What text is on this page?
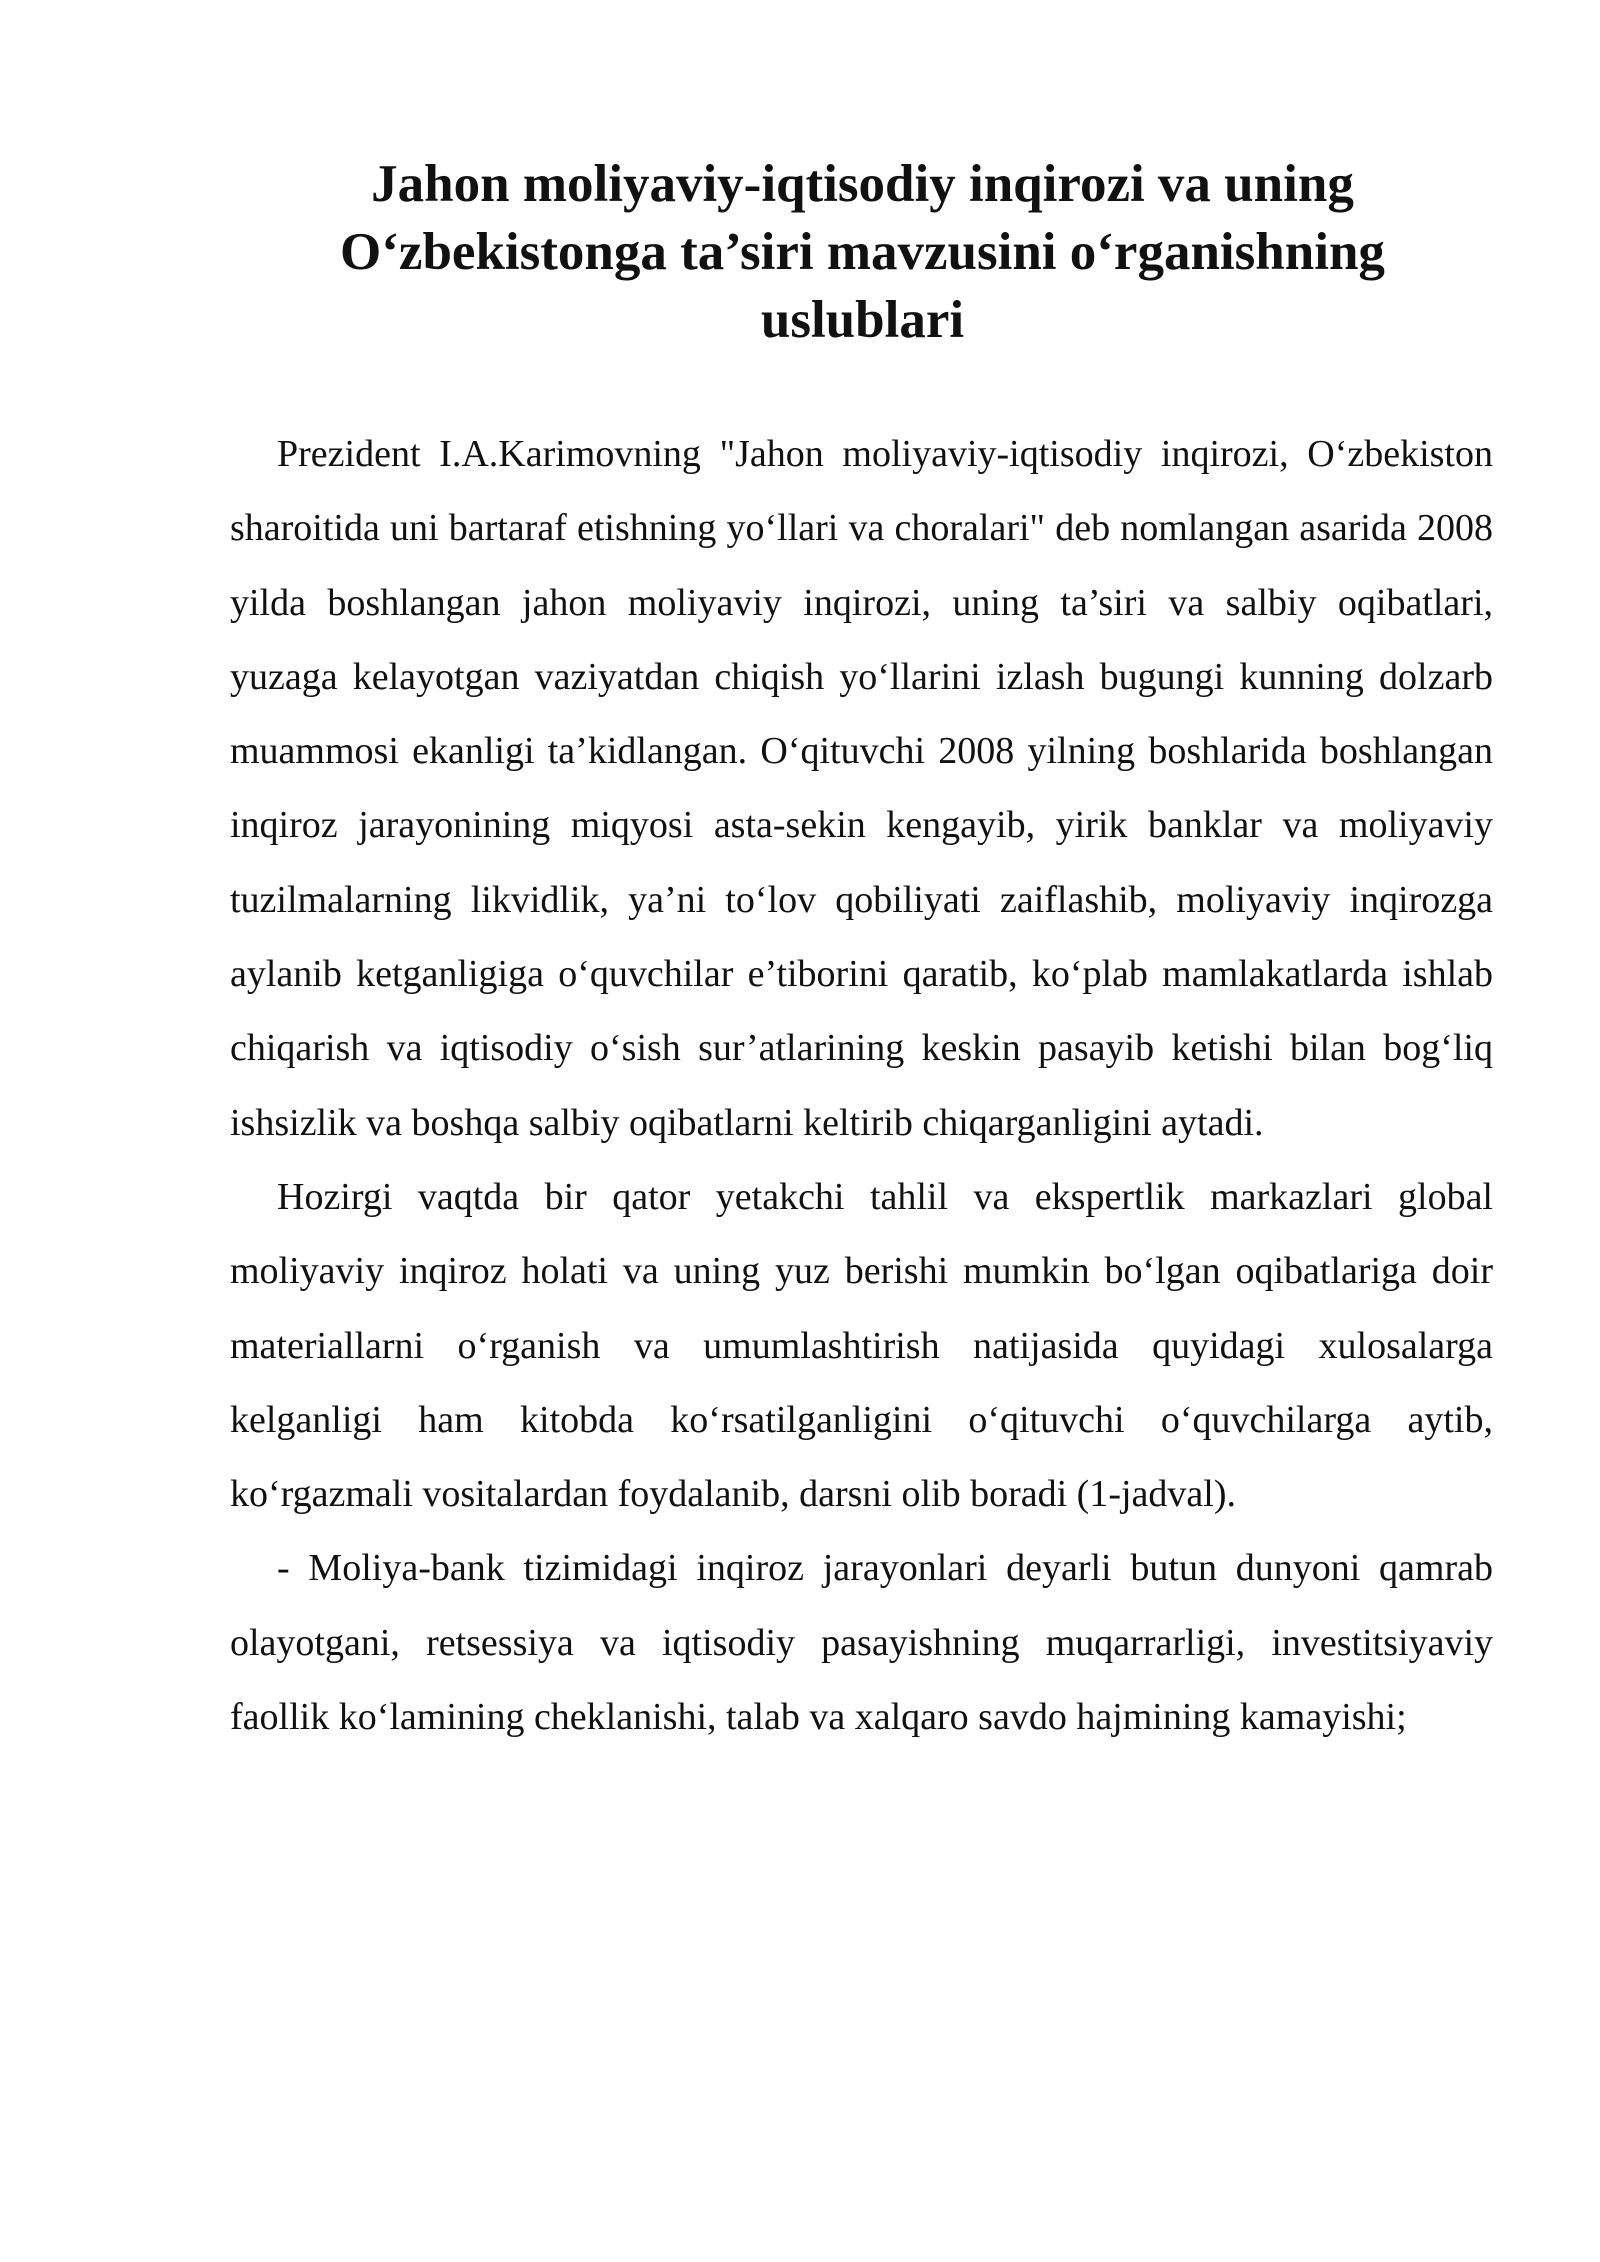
Jahon moliyaviy-iqtisodiy inqirozi va uning
O‘zbekistonga ta’siri mavzusini o‘rganishning
uslublari

Prezident I.A.Karimovning "Jahon moliyaviy-iqtisodiy inqirozi, O‘zbekiston sharoitida uni bartaraf etishning yo‘llari va choralari" deb nomlangan asarida 2008 yilda boshlangan jahon moliyaviy inqirozi, uning ta’siri va salbiy oqibatlari, yuzaga kelayotgan vaziyatdan chiqish yo‘llarini izlash bugungi kunning dolzarb muammosi ekanligi ta’kidlangan. O‘qituvchi 2008 yilning boshlarida boshlangan inqiroz jarayonining miqyosi asta-sekin kengayib, yirik banklar va moliyaviy tuzilmalarning likvidlik, ya’ni to‘lov qobiliyati zaiflashib, moliyaviy inqirozga aylanib ketganligiga o‘quvchilar e’tiborini qaratib, ko‘plab mamlakatlarda ishlab chiqarish va iqtisodiy o‘sish sur’atlarining keskin pasayib ketishi bilan bog‘liq ishsizlik va boshqa salbiy oqibatlarni keltirib chiqarganligini aytadi.

Hozirgi vaqtda bir qator yetakchi tahlil va ekspertlik markazlari global moliyaviy inqiroz holati va uning yuz berishi mumkin bo‘lgan oqibatlariga doir materiallarni o‘rganish va umumlashtirish natijasida quyidagi xulosalarga kelganligi ham kitobda ko‘rsatilganligini o‘qituvchi o‘quvchilarga aytib, ko‘rgazmali vositalardan foydalanib, darsni olib boradi (1-jadval).

- Moliya-bank tizimidagi inqiroz jarayonlari deyarli butun dunyoni qamrab olayotgani, retsessiya va iqtisodiy pasayishning muqarrarligi, investitsiyaviy faollik ko‘lamining cheklanishi, talab va xalqaro savdo hajmining kamayishi;
